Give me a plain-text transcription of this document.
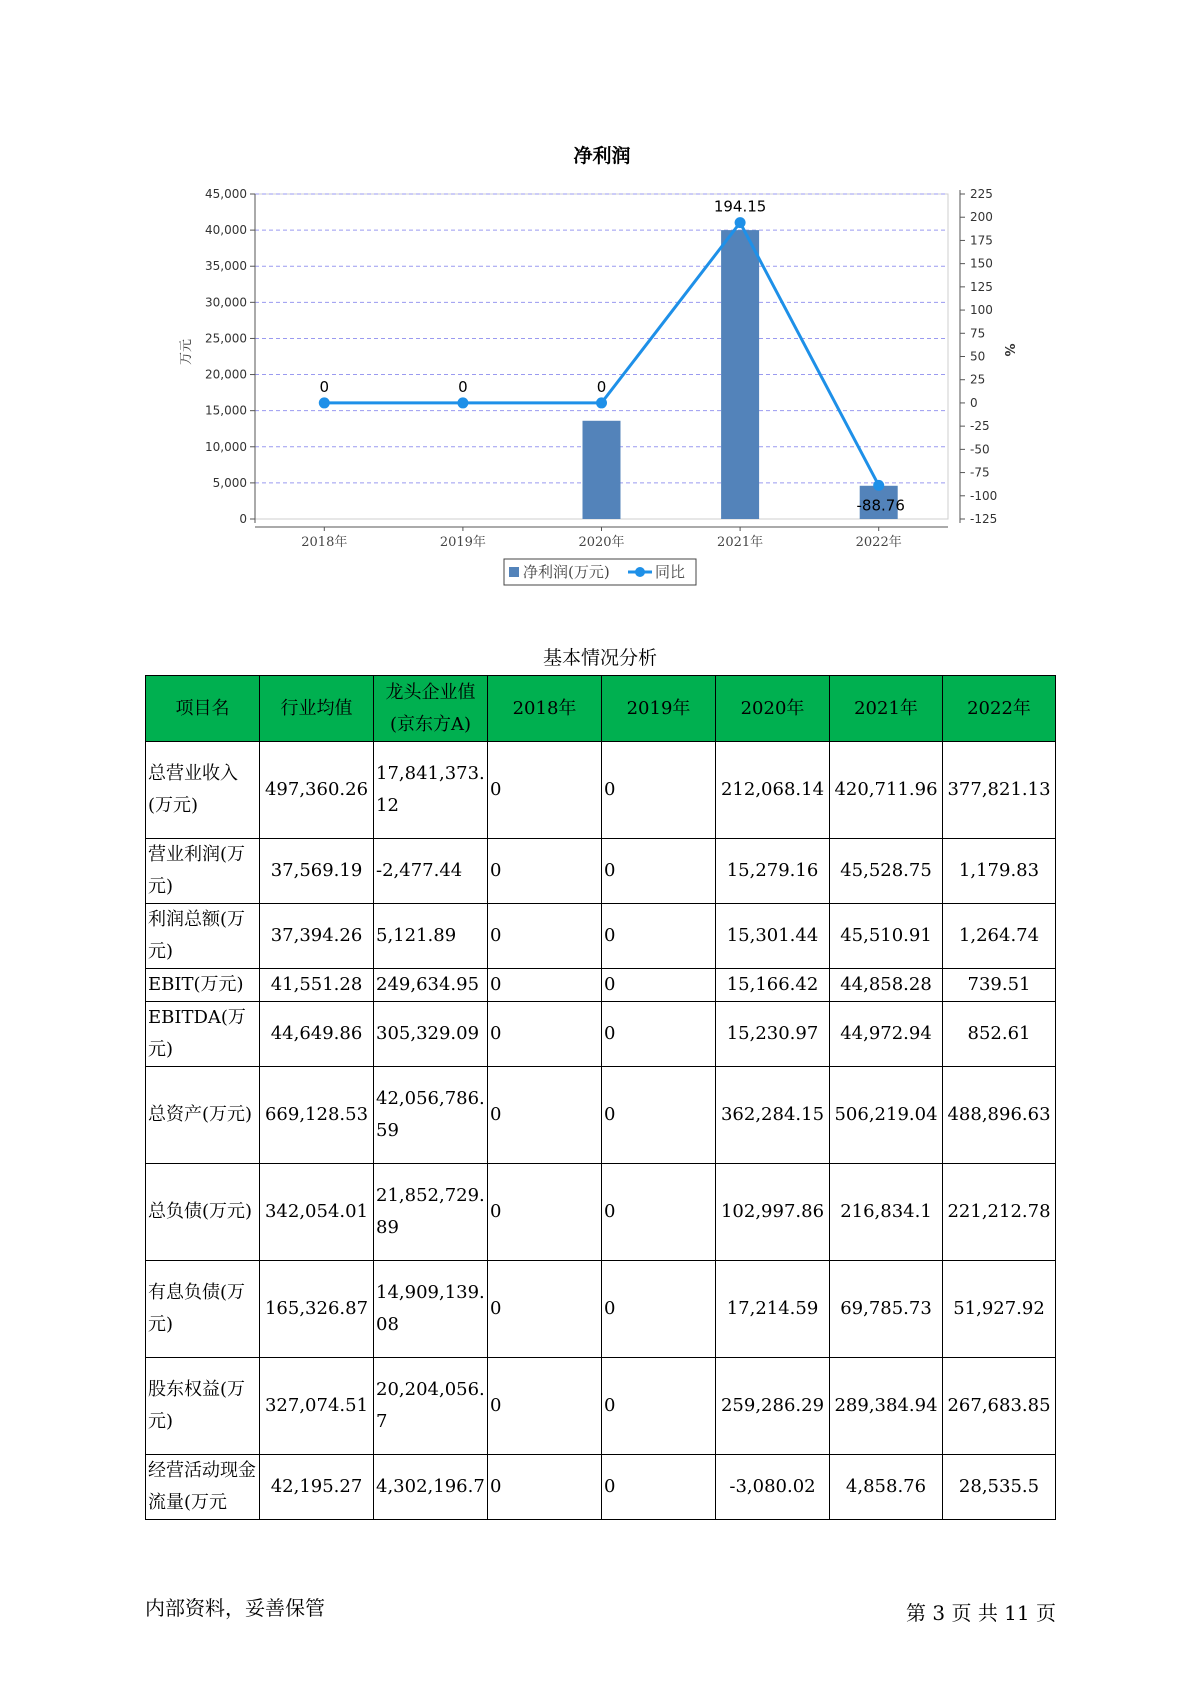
净利润
0
5,000
10,000
15,000
20,000
25,000
30,000
35,000
40,000
45,000
-125
-100
-75
-50
-25
0
25
50
75
100
125
150
175
200
225
2018年	2019年	2020年	2021年	2022年
万元	%
0	0	0
194.15
-88.76
净利润(万元)	同比
基本情况分析
项目名	行业均值	龙头企业值(京东方A)	2018年	2019年	2020年	2021年	2022年
总营业收入(万元)	497,360.26	17,841,373.12	0	0	212,068.14	420,711.96	377,821.13
营业利润(万元)	37,569.19	-2,477.44	0	0	15,279.16	45,528.75	1,179.83
利润总额(万元)	37,394.26	5,121.89	0	0	15,301.44	45,510.91	1,264.74
EBIT(万元)	41,551.28	249,634.95	0	0	15,166.42	44,858.28	739.51
EBITDA(万元)	44,649.86	305,329.09	0	0	15,230.97	44,972.94	852.61
总资产(万元)	669,128.53	42,056,786.59	0	0	362,284.15	506,219.04	488,896.63
总负债(万元)	342,054.01	21,852,729.89	0	0	102,997.86	216,834.1	221,212.78
有息负债(万元)	165,326.87	14,909,139.08	0	0	17,214.59	69,785.73	51,927.92
股东权益(万元)	327,074.51	20,204,056.7	0	0	259,286.29	289,384.94	267,683.85
经营活动现金流量(万元	42,195.27	4,302,196.7	0	0	-3,080.02	4,858.76	28,535.5
内部资料，妥善保管	第 3 页 共 11 页
